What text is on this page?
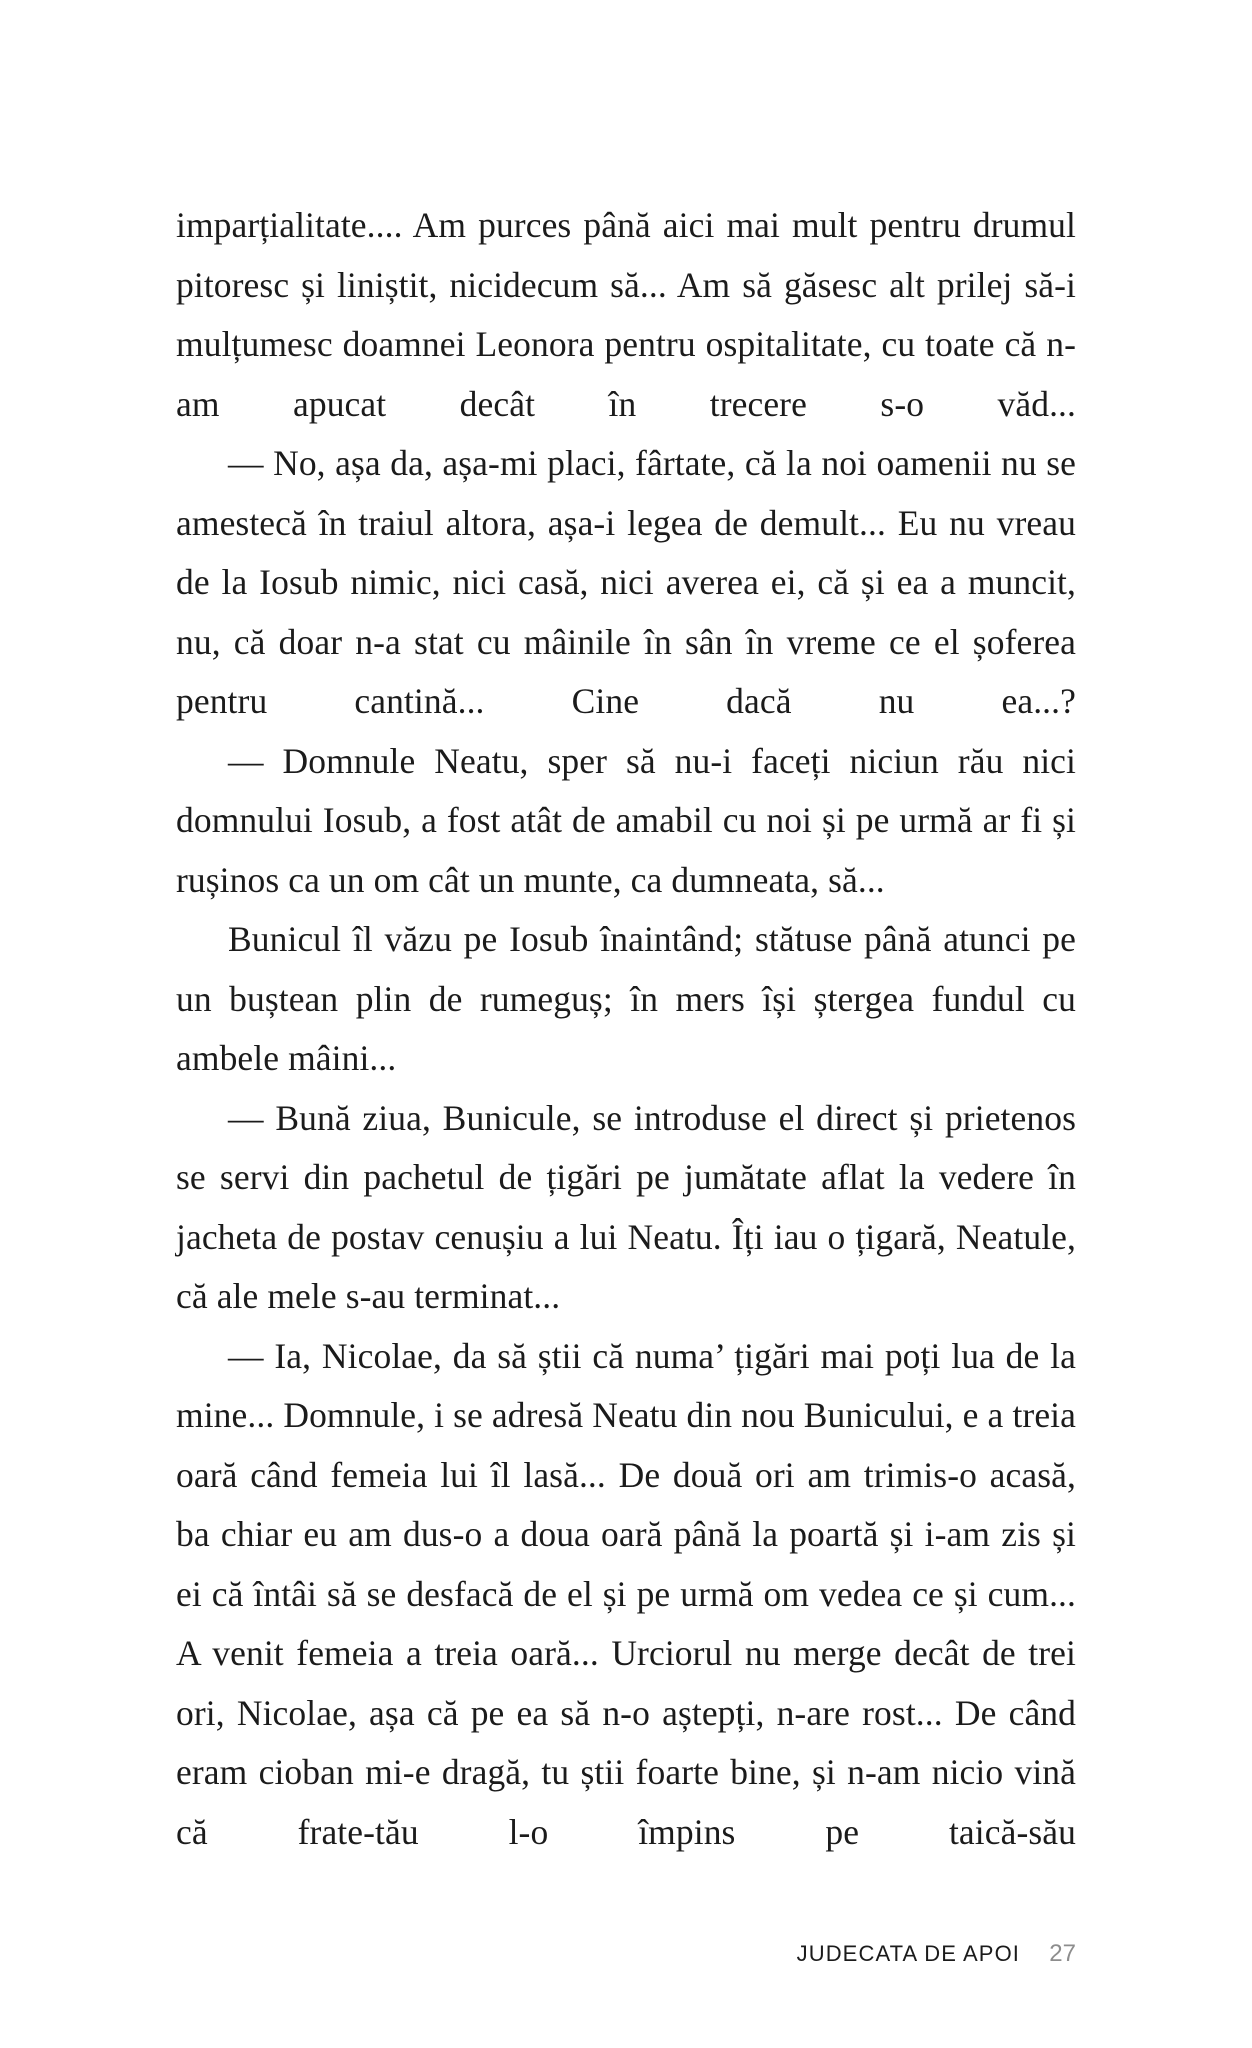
imparțialitate.... Am purces până aici mai mult pentru drumul pitoresc și liniștit, nicidecum să... Am să găsesc alt prilej să-i mulțumesc doamnei Leonora pentru ospitalitate, cu toate că n-am apucat decât în trecere s-o văd...

— No, așa da, așa-mi placi, fârtate, că la noi oamenii nu se amestecă în traiul altora, așa-i legea de demult... Eu nu vreau de la Iosub nimic, nici casă, nici averea ei, că și ea a muncit, nu, că doar n-a stat cu mâinile în sân în vreme ce el șoferea pentru cantină... Cine dacă nu ea...?

— Domnule Neatu, sper să nu-i faceți niciun rău nici domnului Iosub, a fost atât de amabil cu noi și pe urmă ar fi și rușinos ca un om cât un munte, ca dumneata, să...

Bunicul îl văzu pe Iosub înaintând; stătuse până atunci pe un buștean plin de rumeguș; în mers își ștergea fundul cu ambele mâini...

— Bună ziua, Bunicule, se introduse el direct și prietenos se servi din pachetul de țigări pe jumătate aflat la vedere în jacheta de postav cenușiu a lui Neatu. Îți iau o țigară, Neatule, că ale mele s-au terminat...

— Ia, Nicolae, da să știi că numa’ țigări mai poți lua de la mine... Domnule, i se adresă Neatu din nou Bunicului, e a treia oară când femeia lui îl lasă... De două ori am trimis-o acasă, ba chiar eu am dus-o a doua oară până la poartă și i-am zis și ei că întâi să se desfacă de el și pe urmă om vedea ce și cum... A venit femeia a treia oară... Urciorul nu merge decât de trei ori, Nicolae, așa că pe ea să n-o aștepți, n-are rost... De când eram cioban mi-e dragă, tu știi foarte bine, și n-am nicio vină că frate-tău l-o împins pe taică-său

JUDECATA DE APOI	27
